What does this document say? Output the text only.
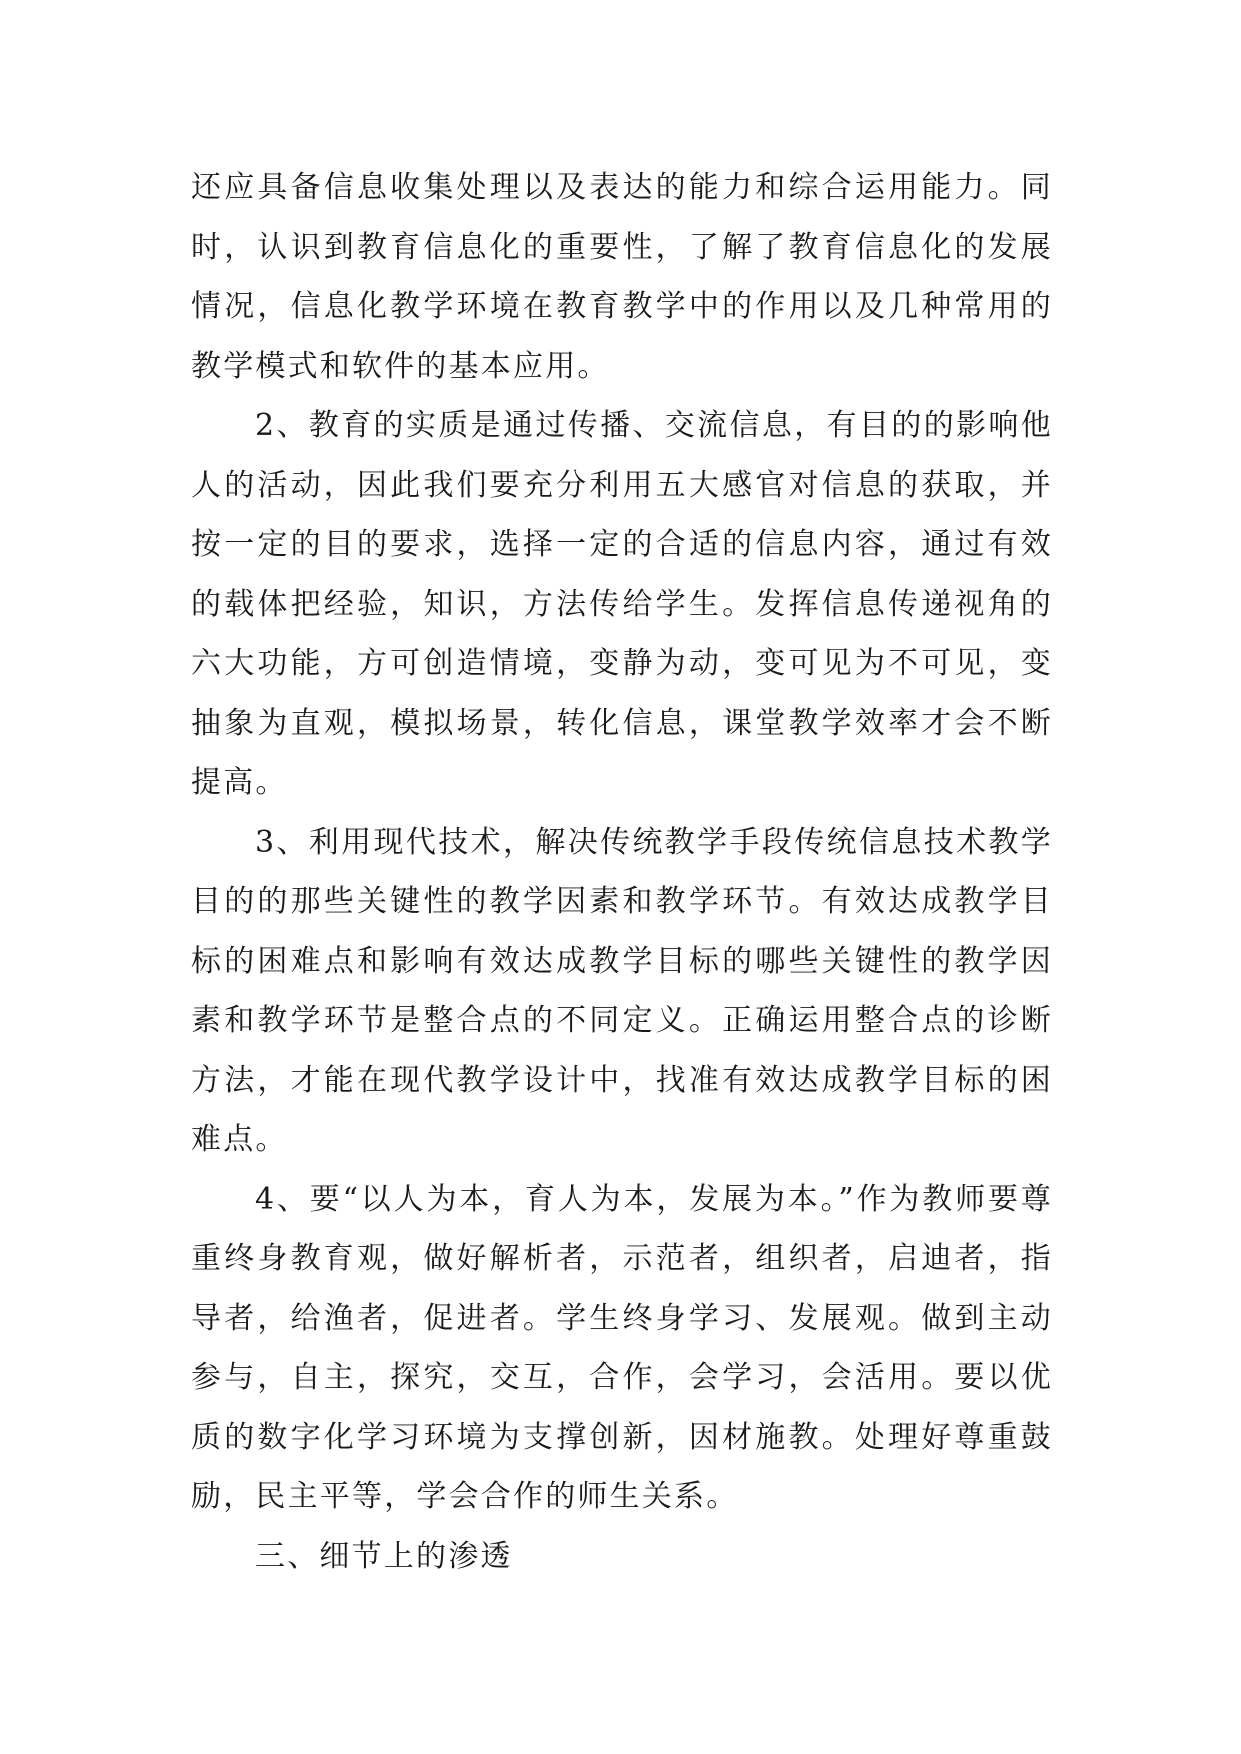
还应具备信息收集处理以及表达的能力和综合运用能力。同时，认识到教育信息化的重要性，了解了教育信息化的发展情况，信息化教学环境在教育教学中的作用以及几种常用的教学模式和软件的基本应用。

2、教育的实质是通过传播、交流信息，有目的的影响他人的活动，因此我们要充分利用五大感官对信息的获取，并按一定的目的要求，选择一定的合适的信息内容，通过有效的载体把经验，知识，方法传给学生。发挥信息传递视角的六大功能，方可创造情境，变静为动，变可见为不可见，变抽象为直观，模拟场景，转化信息，课堂教学效率才会不断提高。

3、利用现代技术，解决传统教学手段传统信息技术教学目的的那些关键性的教学因素和教学环节。有效达成教学目标的困难点和影响有效达成教学目标的哪些关键性的教学因素和教学环节是整合点的不同定义。正确运用整合点的诊断方法，才能在现代教学设计中，找准有效达成教学目标的困难点。

4、要“以人为本，育人为本，发展为本。”作为教师要尊重终身教育观，做好解析者，示范者，组织者，启迪者，指导者，给渔者，促进者。学生终身学习、发展观。做到主动参与，自主，探究，交互，合作，会学习，会活用。要以优质的数字化学习环境为支撑创新，因材施教。处理好尊重鼓励，民主平等，学会合作的师生关系。

三、细节上的渗透
